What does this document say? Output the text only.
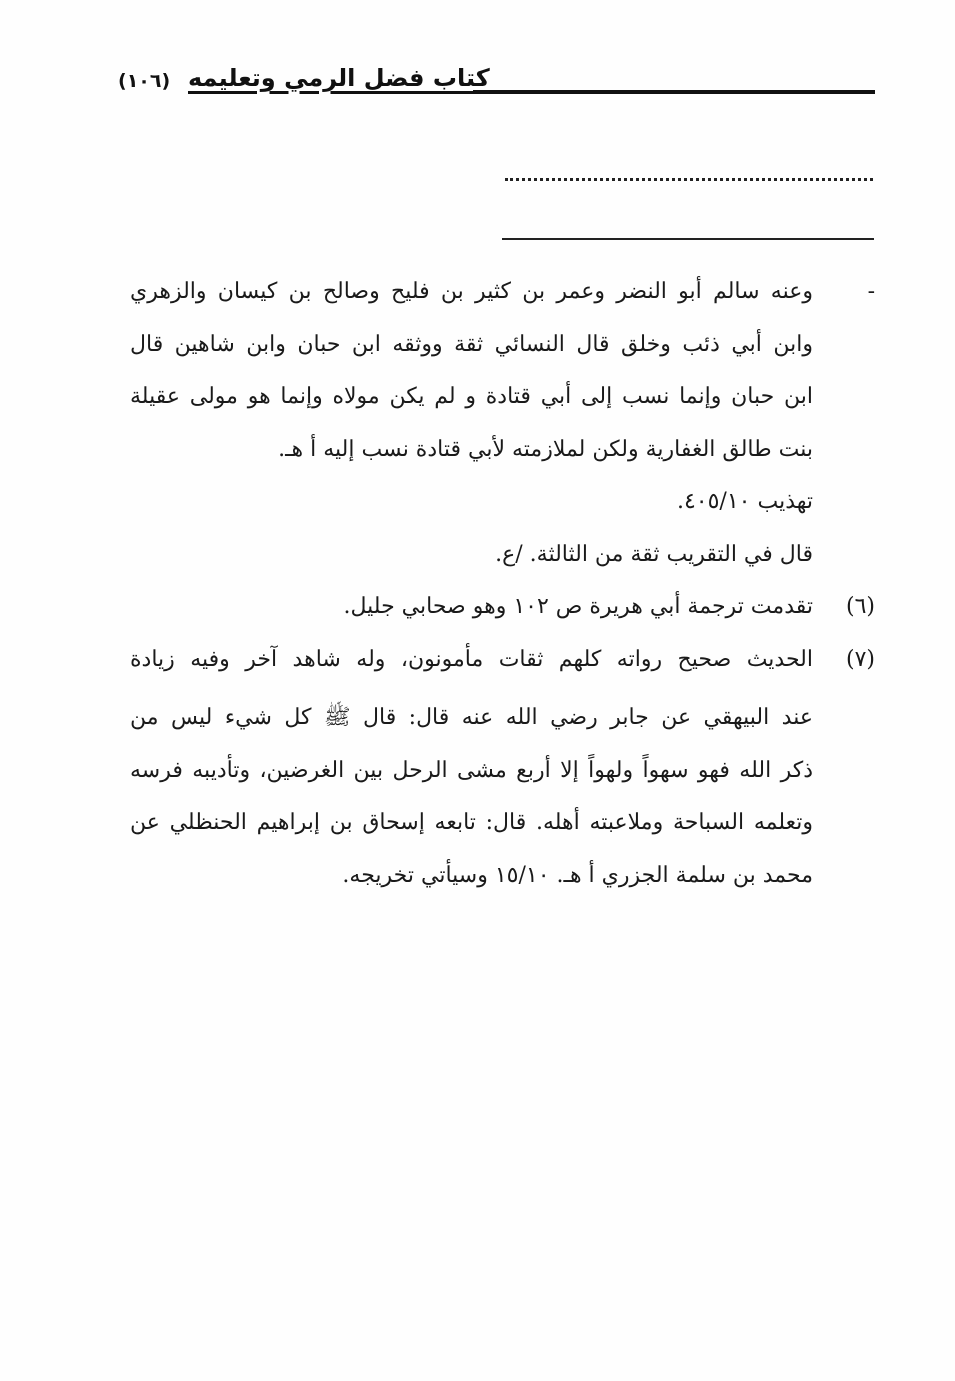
كتاب فضل الرمي وتعليمه
(١٠٦)
-
وعنه سالم أبو النضر وعمر بن كثير بن فليح وصالح بن كيسان والزهري
وابن أبي ذئب وخلق قال النسائي ثقة ووثقه ابن حبان وابن شاهين قال
ابن حبان وإنما نسب إلى أبي قتادة و لم يكن مولاه وإنما هو مولى عقيلة
بنت طالق الغفارية ولكن لملازمته لأبي قتادة نسب إليه أ هـ.
تهذيب ٤٠٥/١٠.
قال في التقريب ثقة من الثالثة. /ع.
(٦)
تقدمت ترجمة أبي هريرة ص ١٠٢ وهو صحابي جليل.
(٧)
الحديث صحيح رواته كلهم ثقات مأمونون، وله شاهد آخر وفيه زيادة
عند البيهقي عن جابر رضي الله عنه قال: قال ﷺ كل شيء ليس من
ذكر الله فهو سهواً ولهواً إلا أربع مشى الرحل بين الغرضين، وتأديبه فرسه
وتعلمه السباحة وملاعبته أهله. قال: تابعه إسحاق بن إبراهيم الحنظلي عن
محمد بن سلمة الجزري أ هـ. ١٥/١٠ وسيأتي تخريجه.
